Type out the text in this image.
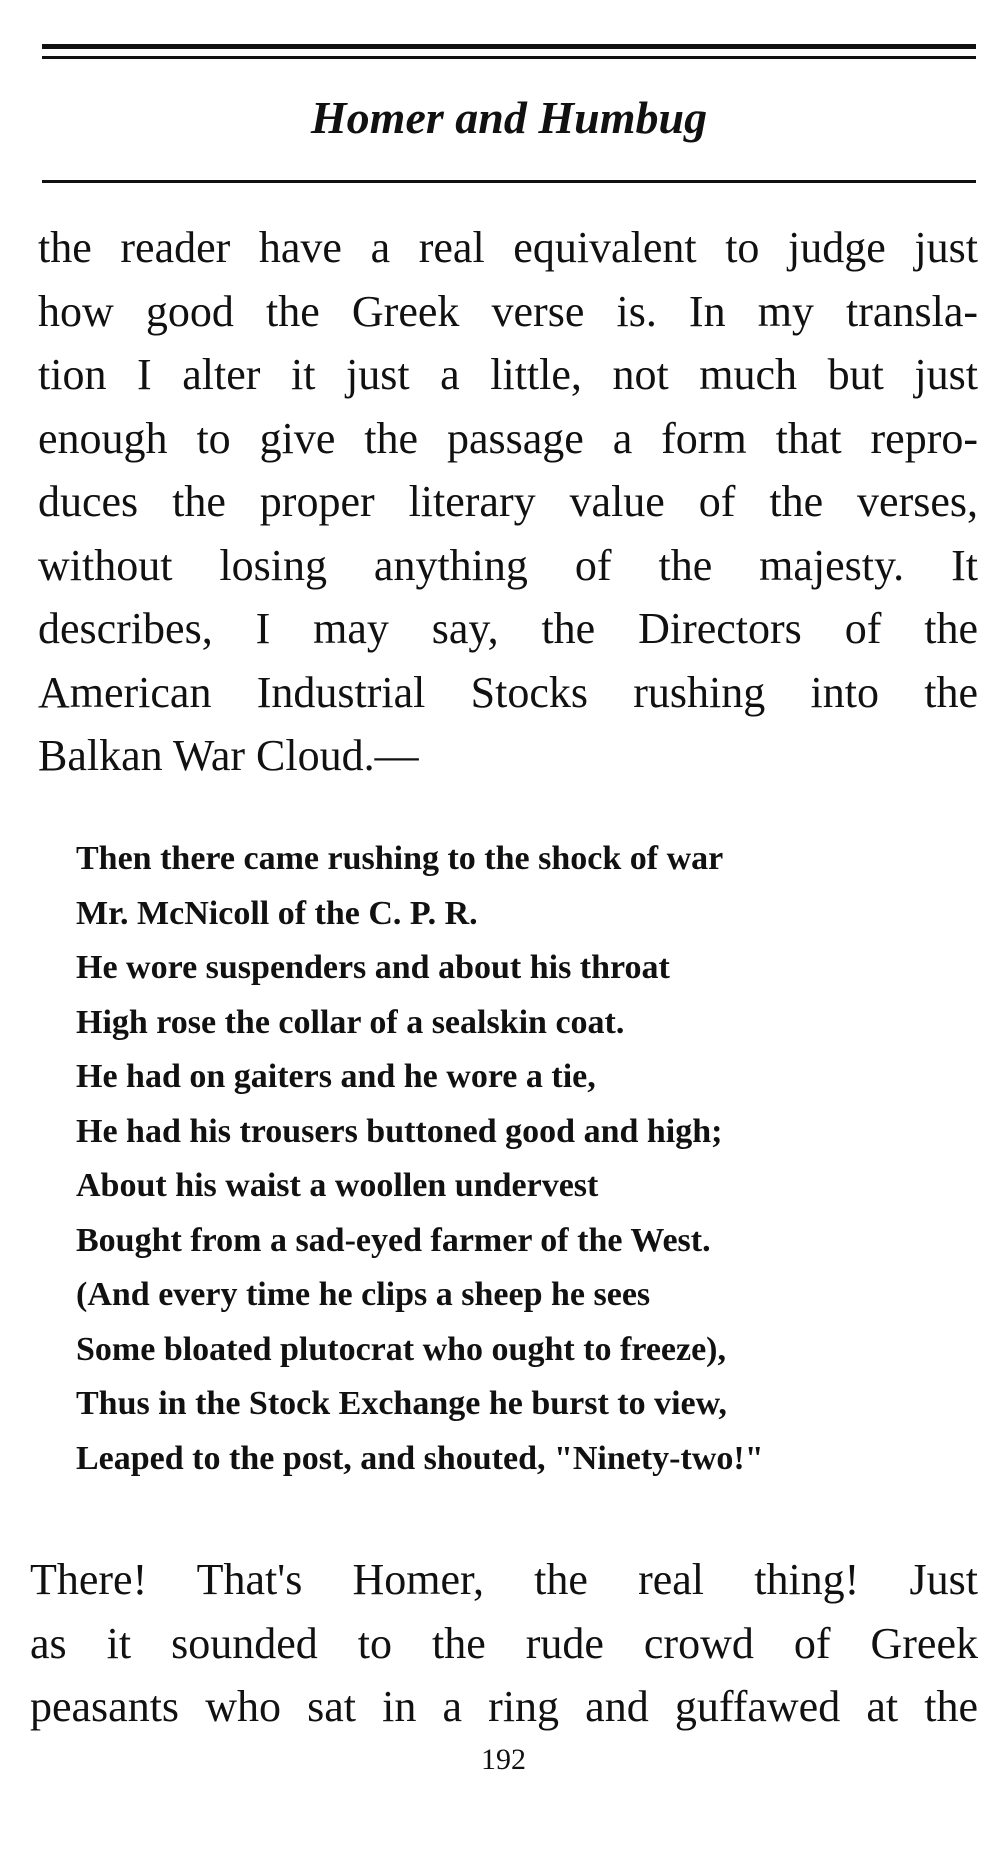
Homer and Humbug

the reader have a real equivalent to judge just
how good the Greek verse is. In my transla-
tion I alter it just a little, not much but just
enough to give the passage a form that repro-
duces the proper literary value of the verses,
without losing anything of the majesty. It
describes, I may say, the Directors of the
American Industrial Stocks rushing into the
Balkan War Cloud.—

Then there came rushing to the shock of war
Mr. McNicoll of the C. P. R.
He wore suspenders and about his throat
High rose the collar of a sealskin coat.
He had on gaiters and he wore a tie,
He had his trousers buttoned good and high;
About his waist a woollen undervest
Bought from a sad-eyed farmer of the West.
(And every time he clips a sheep he sees
Some bloated plutocrat who ought to freeze),
Thus in the Stock Exchange he burst to view,
Leaped to the post, and shouted, "Ninety-two!"

There! That's Homer, the real thing! Just
as it sounded to the rude crowd of Greek
peasants who sat in a ring and guffawed at the

192
